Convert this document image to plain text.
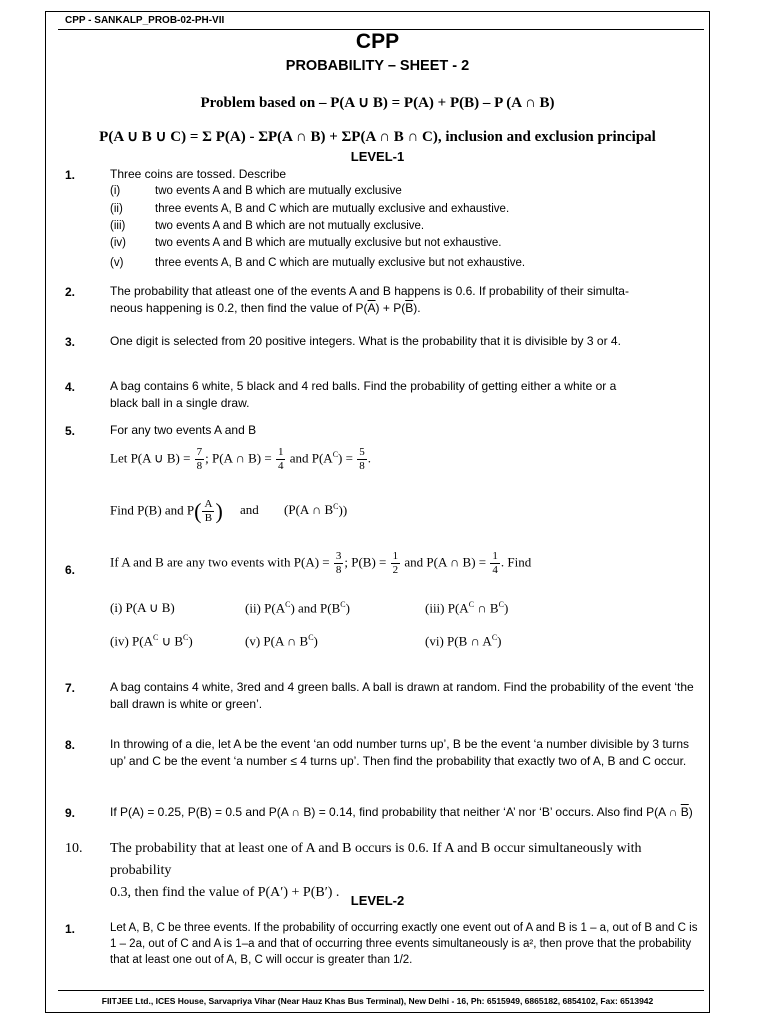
CPP - SANKALP_PROB-02-PH-VII
CPP
PROBABILITY – SHEET - 2
Problem based on – P(A ∪ B) = P(A) + P(B) – P (A ∩ B)
P(A ∪ B ∪ C) = Σ P(A) - ΣP(A ∩ B) + ΣP(A ∩ B ∩ C), inclusion and exclusion principal
LEVEL-1
1.	Three coins are tossed. Describe
(i)	two events A and B which are mutually exclusive
(ii)	three events A, B and C which are mutually exclusive and exhaustive.
(iii)	two events A and B which are not mutually exclusive.
(iv)	two events A and B which are mutually exclusive but not exhaustive.
(v)	three events A, B and C which are mutually exclusive but not exhaustive.
2.	The probability that atleast one of the events A and B happens is 0.6. If probability of their simulta-
neous happening is 0.2, then find the value of $P(\overline{A}) + P(\overline{B})$.
3.	One digit is selected from 20 positive integers. What is the probability that it is divisible by 3 or 4.
4.	A bag contains 6 white, 5 black and 4 red balls. Find the probability of getting either a white or a black ball in a single draw.
5.	For any two events A and B
Let P(A ∪ $B) = \frac{7}{8}$ ; P(A ∩ $B) = \frac{1}{4}$ and $P(A^C) = \frac{5}{8}$ .
Find P(B) and $P( \frac{A}{B}$ ) and (P(A ∩ $B^C$))
6.
If A and B are any two events with $P(A) = \frac{3}{8}$ ; $P(B) = \frac{1}{2}$ and P(A ∩ $B) = \frac{1}{4}$ . Find
(i) P(A ∪ B)	(ii) $P(A^C)$ and $P(B^C)$	(iii) $P(A^C$ ∩ $B^C$)
(iv) $P(A^C$ ∪ $B^C$)	(v) P(A ∩ $B^C$)	(vi) P(B ∩ $A^C$)
7.	A bag contains 4 white, 3red and 4 green balls. A ball is drawn at random. Find the probability of the event ‘the ball drawn is white or green’.
8.	In throwing of a die, let A be the event ‘an odd number turns up’, B be the event ‘a number divisible by 3 turns up’ and C be the event ‘a number ≤ 4 turns up’. Then find the probability that exactly two of A, B and C occur.
9.	If P(A) = 0.25, P(B) = 0.5 and P(A ∩ B) = 0.14, find probability that neither ‘A’ nor ‘B’ occurs. Also find P(A ∩ $\overline{B}$)
10. The probability that at least one of A and B occurs is 0.6. If A and B occur simultaneously with probability
0.3, then find the value of P(A′) + P(B′) .
LEVEL-2
1.	Let A, B, C be three events. If the probability of occurring exactly one event out of A and B is 1 – a, out of B and C is 1 – 2a, out of C and A is 1–a and that of occurring three events simultaneously is a², then prove that the probability that at least one out of A, B, C will occur is greater than 1/2.
FIITJEE Ltd., ICES House, Sarvapriya Vihar (Near Hauz Khas Bus Terminal), New Delhi - 16, Ph: 6515949, 6865182, 6854102, Fax: 6513942
